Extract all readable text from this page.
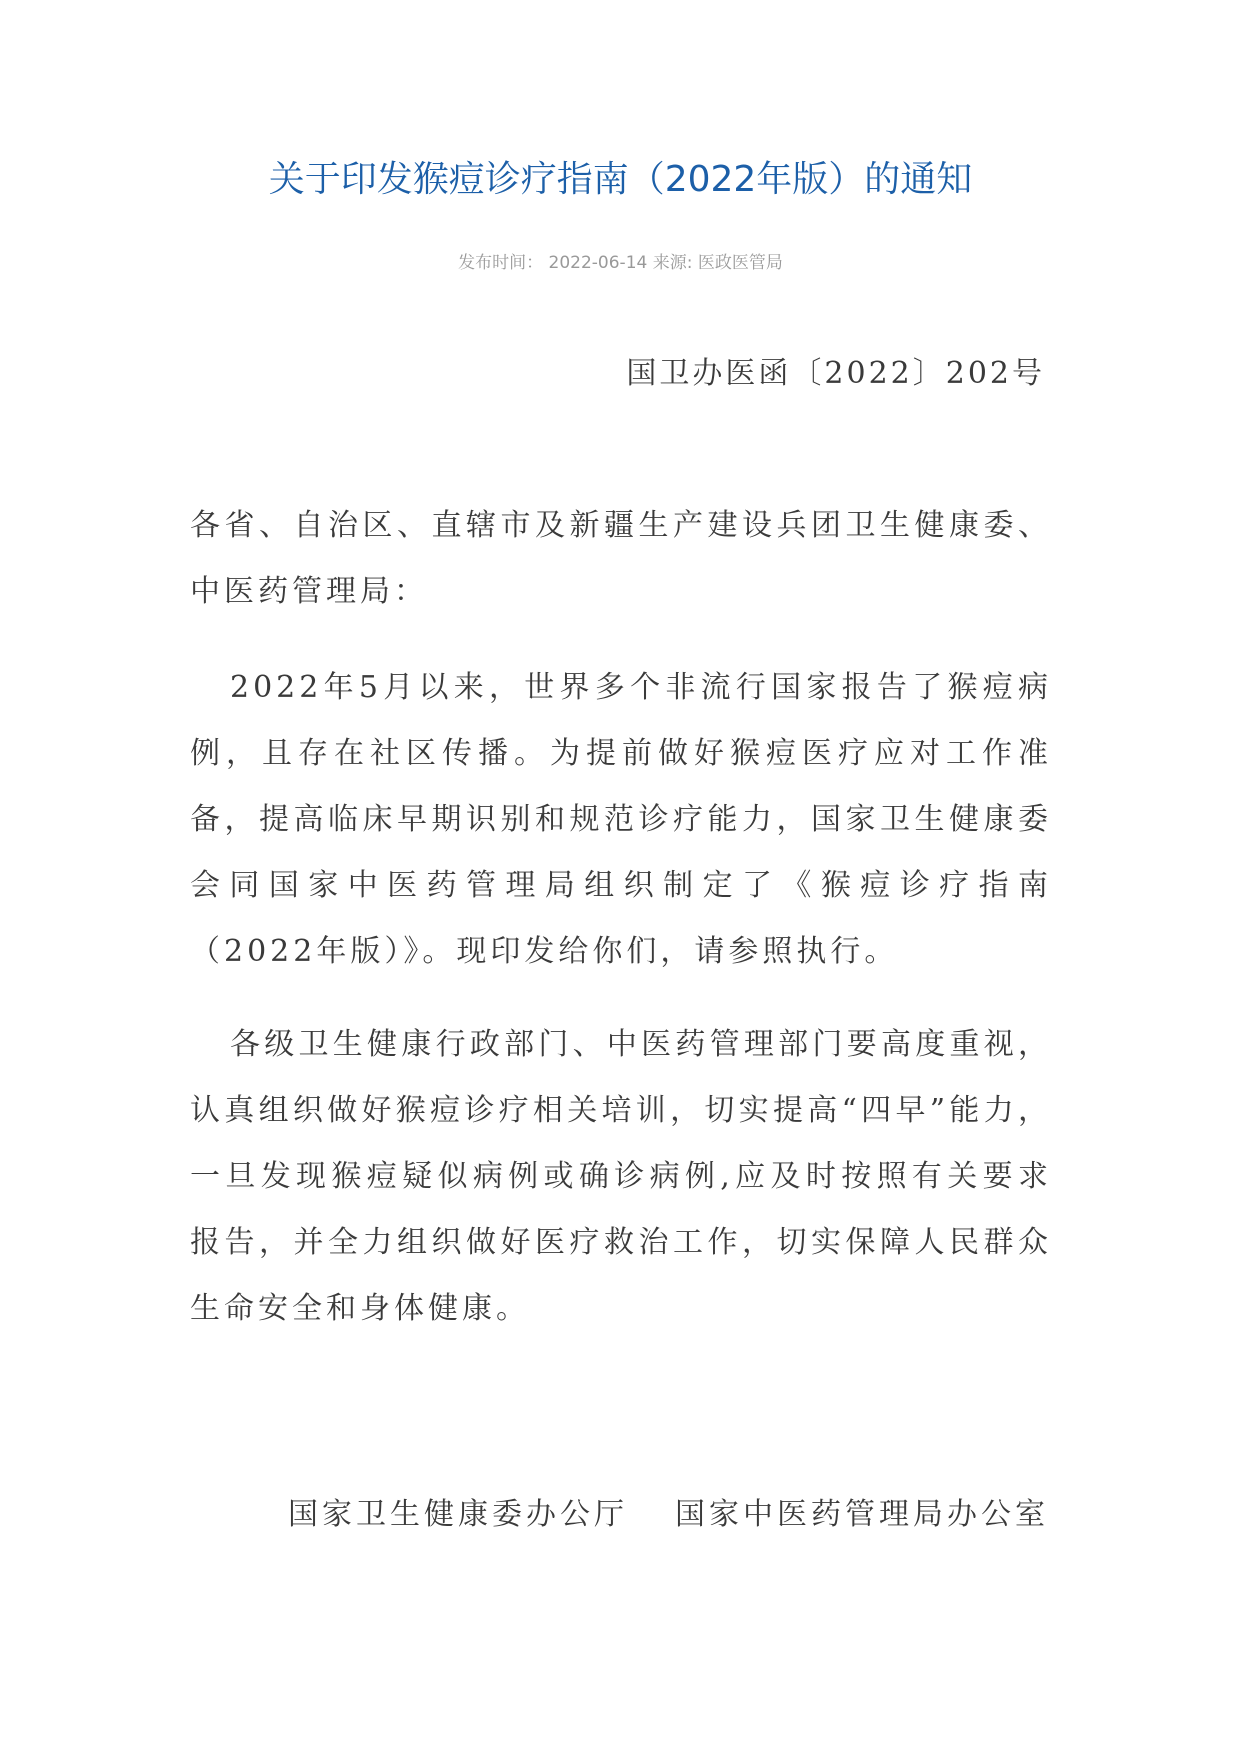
关于印发猴痘诊疗指南（2022年版）的通知
发布时间： 2022-06-14 来源: 医政医管局
国卫办医函〔2022〕202号

各省、自治区、直辖市及新疆生产建设兵团卫生健康委、中医药管理局：

2022年5月以来，世界多个非流行国家报告了猴痘病例，且存在社区传播。为提前做好猴痘医疗应对工作准备，提高临床早期识别和规范诊疗能力，国家卫生健康委会同国家中医药管理局组织制定了《猴痘诊疗指南（2022年版）》。现印发给你们，请参照执行。

各级卫生健康行政部门、中医药管理部门要高度重视，认真组织做好猴痘诊疗相关培训，切实提高“四早”能力，一旦发现猴痘疑似病例或确诊病例,应及时按照有关要求报告，并全力组织做好医疗救治工作，切实保障人民群众生命安全和身体健康。

国家卫生健康委办公厅 国家中医药管理局办公室
